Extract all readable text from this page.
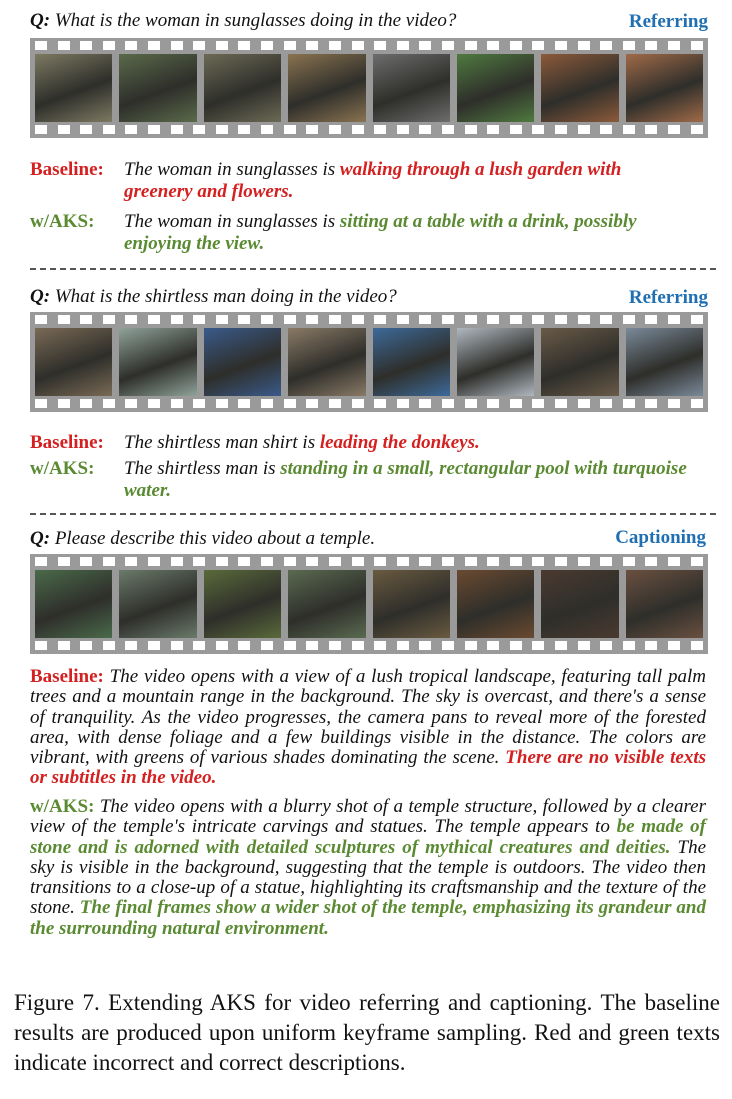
Q: What is the woman in sunglasses doing in the video?	Referring
Baseline: The woman in sunglasses is walking through a lush garden with greenery and flowers.
w/AKS: The woman in sunglasses is sitting at a table with a drink, possibly enjoying the view.
Q: What is the shirtless man doing in the video?	Referring
Baseline: The shirtless man shirt is leading the donkeys.
w/AKS: The shirtless man is standing in a small, rectangular pool with turquoise water.
Q: Please describe this video about a temple.	Captioning
Baseline: The video opens with a view of a lush tropical landscape, featuring tall palm trees and a mountain range in the background. The sky is overcast, and there's a sense of tranquility. As the video progresses, the camera pans to reveal more of the forested area, with dense foliage and a few buildings visible in the distance. The colors are vibrant, with greens of various shades dominating the scene. There are no visible texts or subtitles in the video.
w/AKS: The video opens with a blurry shot of a temple structure, followed by a clearer view of the temple's intricate carvings and statues. The temple appears to be made of stone and is adorned with detailed sculptures of mythical creatures and deities. The sky is visible in the background, suggesting that the temple is outdoors. The video then transitions to a close-up of a statue, highlighting its craftsmanship and the texture of the stone. The final frames show a wider shot of the temple, emphasizing its grandeur and the surrounding natural environment.
Figure 7. Extending AKS for video referring and captioning. The baseline results are produced upon uniform keyframe sampling. Red and green texts indicate incorrect and correct descriptions.
